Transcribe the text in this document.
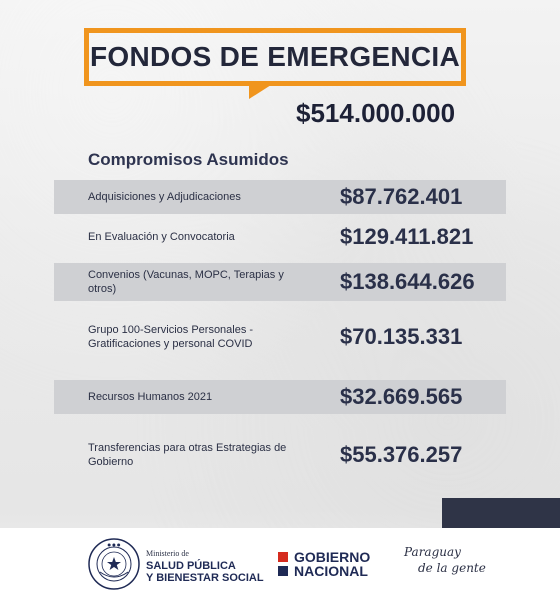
FONDOS DE EMERGENCIA
$514.000.000
Compromisos Asumidos
Adquisiciones y Adjudicaciones	$87.762.401
En Evaluación y Convocatoria	$129.411.821
Convenios (Vacunas, MOPC, Terapias y otros)	$138.644.626
Grupo 100-Servicios Personales - Gratificaciones y personal COVID	$70.135.331
Recursos Humanos 2021	$32.669.565
Transferencias para otras Estrategias de Gobierno	$55.376.257
● ● ●
Ministerio de
SALUD PÚBLICA
Y BIENESTAR SOCIAL
GOBIERNO
NACIONAL
Paraguay
de la gente
